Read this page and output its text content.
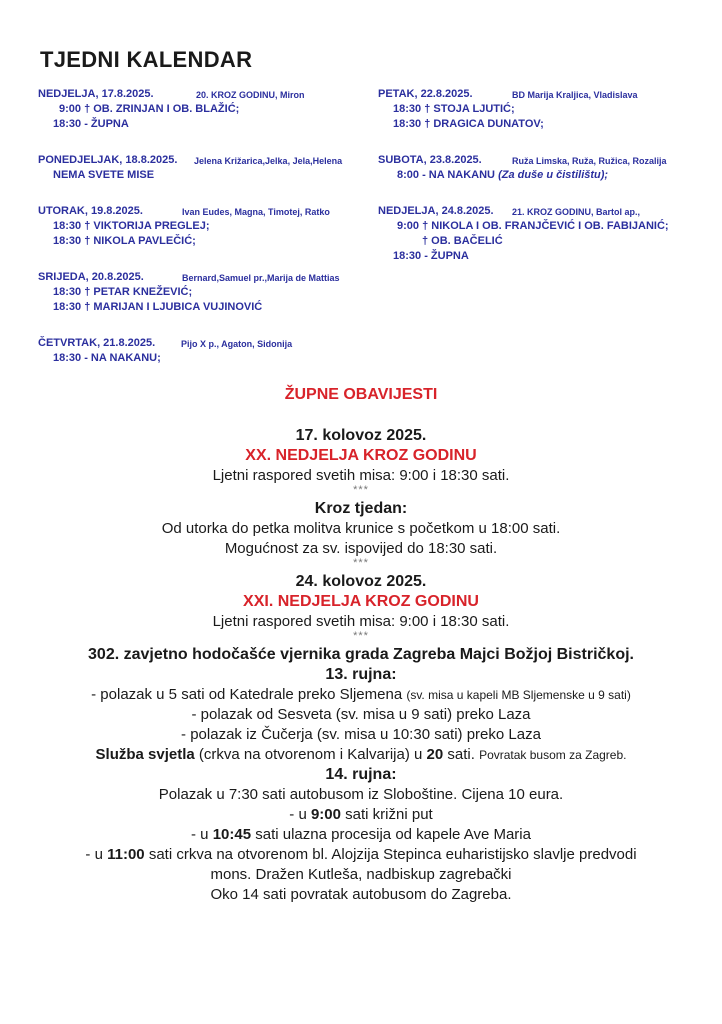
TJEDNI KALENDAR
NEDJELJA, 17.8.2025.	20. KROZ GODINU, Miron
9:00 † OB. ZRINJAN I OB. BLAŽIĆ;
18:30 - ŽUPNA
PONEDJELJAK, 18.8.2025. Jelena Križarica,Jelka, Jela,Helena
NEMA SVETE MISE
UTORAK, 19.8.2025.	Ivan Eudes, Magna, Timotej, Ratko
18:30 † VIKTORIJA PREGLEJ;
18:30 † NIKOLA PAVLEČIĆ;
SRIJEDA, 20.8.2025.	Bernard,Samuel pr.,Marija de Mattias
18:30 † PETAR KNEŽEVIĆ;
18:30 † MARIJAN I LJUBICA VUJINOVIĆ
ČETVRTAK, 21.8.2025.	Pijo X p., Agaton, Sidonija
18:30 - NA NAKANU;
PETAK, 22.8.2025.	BD Marija Kraljica, Vladislava
18:30 † STOJA LJUTIĆ;
18:30 † DRAGICA DUNATOV;
SUBOTA, 23.8.2025.	Ruža Limska, Ruža, Ružica, Rozalija
8:00 - NA NAKANU (Za duše u čistilištu);
NEDJELJA, 24.8.2025. 21. KROZ GODINU, Bartol ap.,
9:00 † NIKOLA I OB. FRANJČEVIĆ I OB. FABIJANIĆ;
† OB. BAČELIĆ
18:30 - ŽUPNA
ŽUPNE OBAVIJESTI
17. kolovoz 2025.
XX. NEDJELJA KROZ GODINU
Ljetni raspored svetih misa: 9:00 i 18:30 sati.
***
Kroz tjedan:
Od utorka do petka molitva krunice s početkom u 18:00 sati.
Mogućnost za sv. ispovijed do 18:30 sati.
***
24. kolovoz 2025.
XXI. NEDJELJA KROZ GODINU
Ljetni raspored svetih misa: 9:00 i 18:30 sati.
***
302. zavjetno hodočašće vjernika grada Zagreba Majci Božjoj Bistričkoj.
13. rujna:
- polazak u 5 sati od Katedrale preko Sljemena (sv. misa u kapeli MB Sljemenske u 9 sati)
- polazak od Sesveta (sv. misa u 9 sati) preko Laza
- polazak iz Čučerja (sv. misa u 10:30 sati) preko Laza
Služba svjetla (crkva na otvorenom i Kalvarija) u 20 sati. Povratak busom za Zagreb.
14. rujna:
Polazak u 7:30 sati autobusom iz Sloboštine. Cijena 10 eura.
- u 9:00 sati križni put
- u 10:45 sati ulazna procesija od kapele Ave Maria
- u 11:00 sati crkva na otvorenom bl. Alojzija Stepinca euharistijsko slavlje predvodi
mons. Dražen Kutleša, nadbiskup zagrebački
Oko 14 sati povratak autobusom do Zagreba.
